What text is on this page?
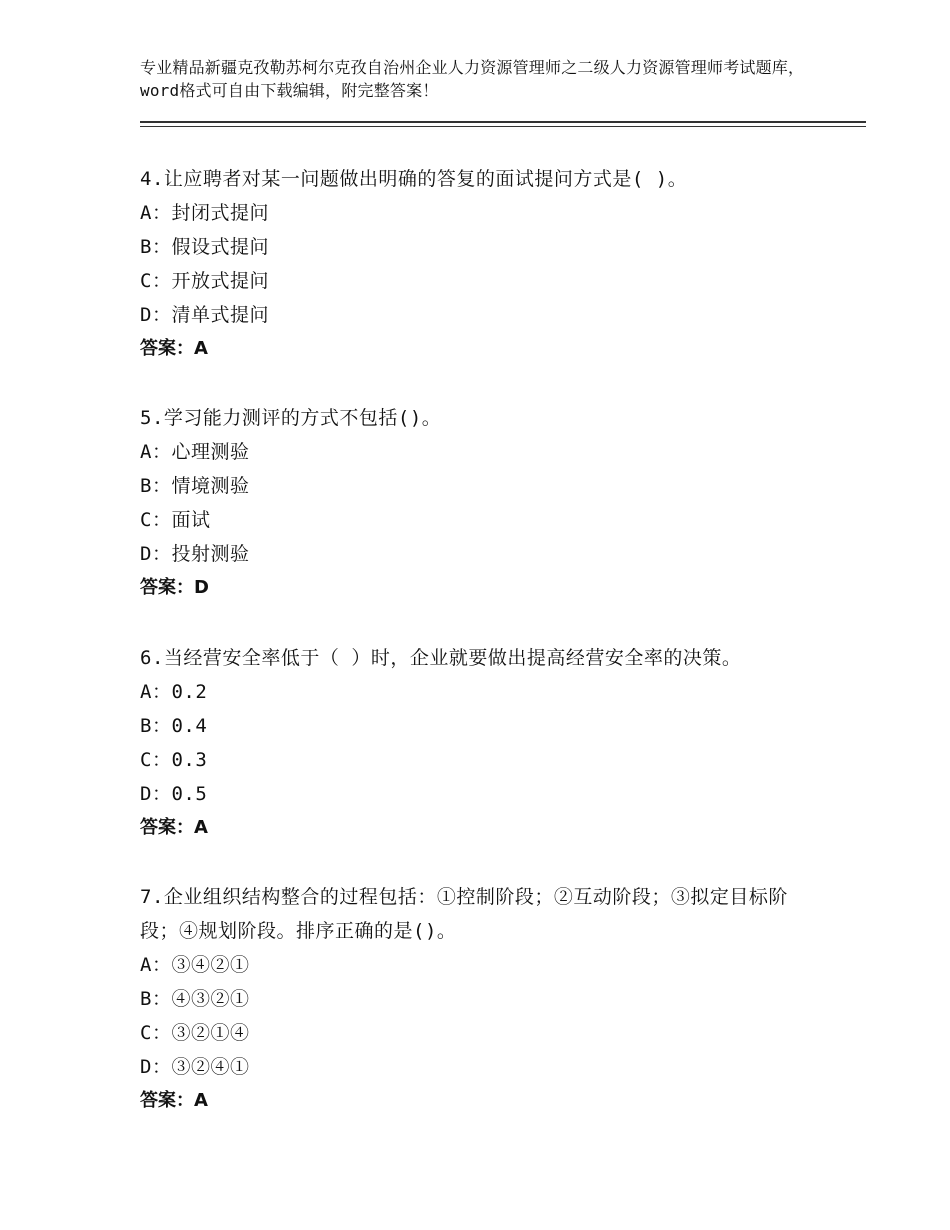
专业精品新疆克孜勒苏柯尔克孜自治州企业人力资源管理师之二级人力资源管理师考试题库，word格式可自由下载编辑，附完整答案！

4.让应聘者对某一问题做出明确的答复的面试提问方式是( )。

A：封闭式提问

B：假设式提问

C：开放式提问

D：清单式提问

答案：A

5.学习能力测评的方式不包括()。

A：心理测验

B：情境测验

C：面试

D：投射测验

答案：D

6.当经营安全率低于（ ）时，企业就要做出提高经营安全率的决策。

A：0.2

B：0.4

C：0.3

D：0.5

答案：A

7.企业组织结构整合的过程包括：①控制阶段；②互动阶段；③拟定目标阶段；④规划阶段。排序正确的是()。

A：③④②①

B：④③②①

C：③②①④

D：③②④①

答案：A
